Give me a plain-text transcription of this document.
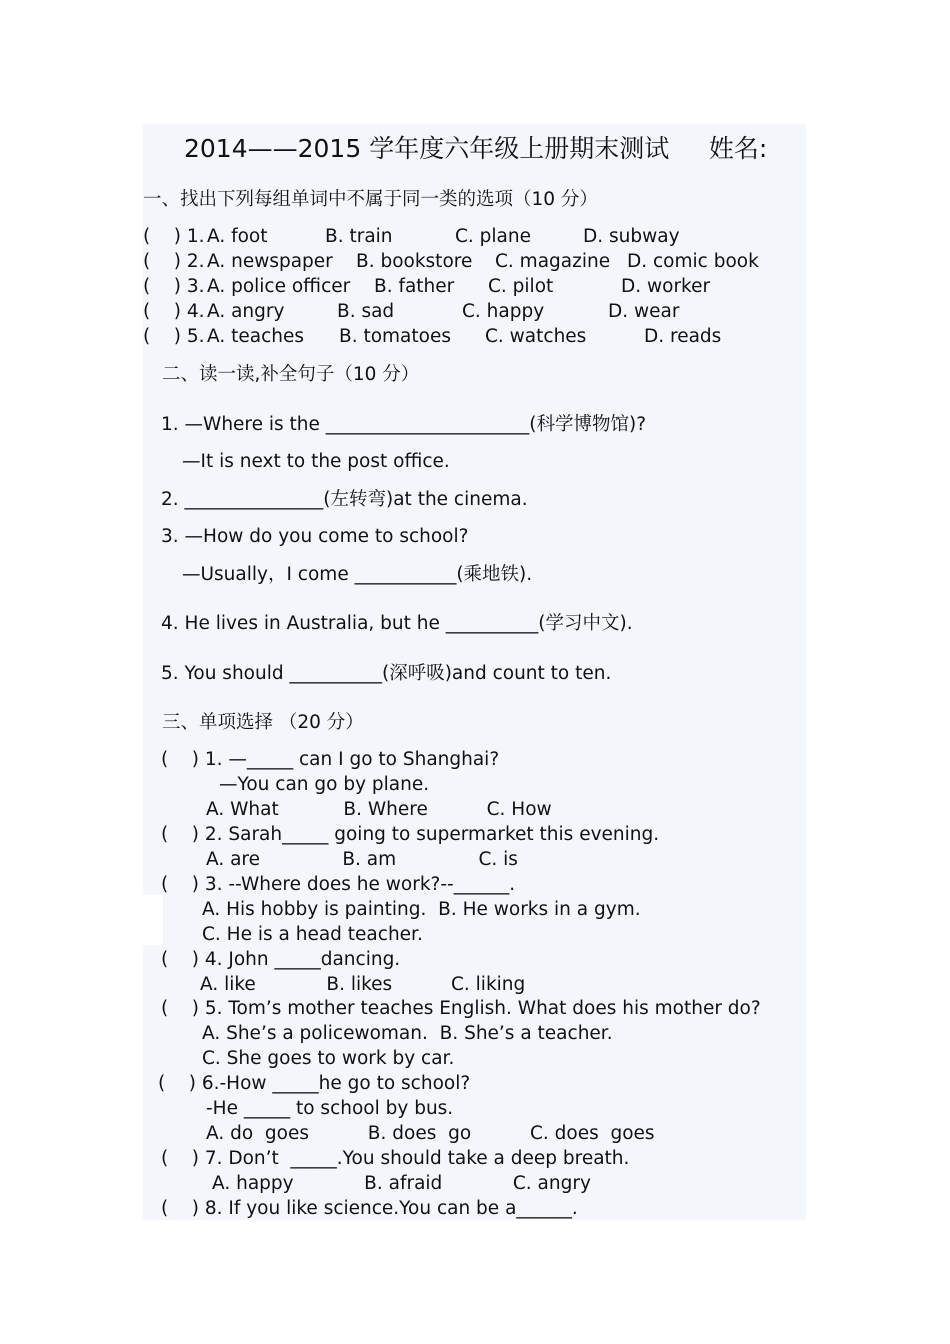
2014——2015 学年度六年级上册期末测试     姓名:
一、找出下列每组单词中不属于同一类的选项（10 分）
(    ) 1. A. foot	B. train	C. plane	D. subway
(    ) 2. A. newspaper B. bookstore C. magazine D. comic book
(    ) 3. A. police officer B. father C. pilot	D. worker
(    ) 4. A. angry	B. sad	C. happy	D. wear
(    ) 5. A. teaches B. tomatoes C. watches	D. reads
二、读一读,补全句子（10 分）
1. —Where is the ______________________(科学博物馆)?
—It is next to the post office.
2. _______________(左转弯)at the cinema.
3. —How do you come to school?
—Usually，I come ___________(乘地铁).
4. He lives in Australia, but he __________(学习中文).
5. You should __________(深呼吸)and count to ten.
三、单项选择 （20 分）
(    ) 1. —_____ can I go to Shanghai?
—You can go by plane.
A. What           B. Where          C. How
(    ) 2. Sarah_____ going to supermarket this evening.
A. are              B. am              C. is
(    ) 3. --Where does he work?--______.
A. His hobby is painting.  B. He works in a gym.
C. He is a head teacher.
(    ) 4. John _____dancing.
A. like            B. likes          C. liking
(    ) 5. Tom’s mother teaches English. What does his mother do?
A. She’s a policewoman.  B. She’s a teacher.
C. She goes to work by car.
(    ) 6.-How _____he go to school?
-He _____ to school by bus.
A. do  goes          B. does  go          C. does  goes
(    ) 7. Don’t  _____.You should take a deep breath.
A. happy            B. afraid            C. angry
(    ) 8. If you like science.You can be a______.
